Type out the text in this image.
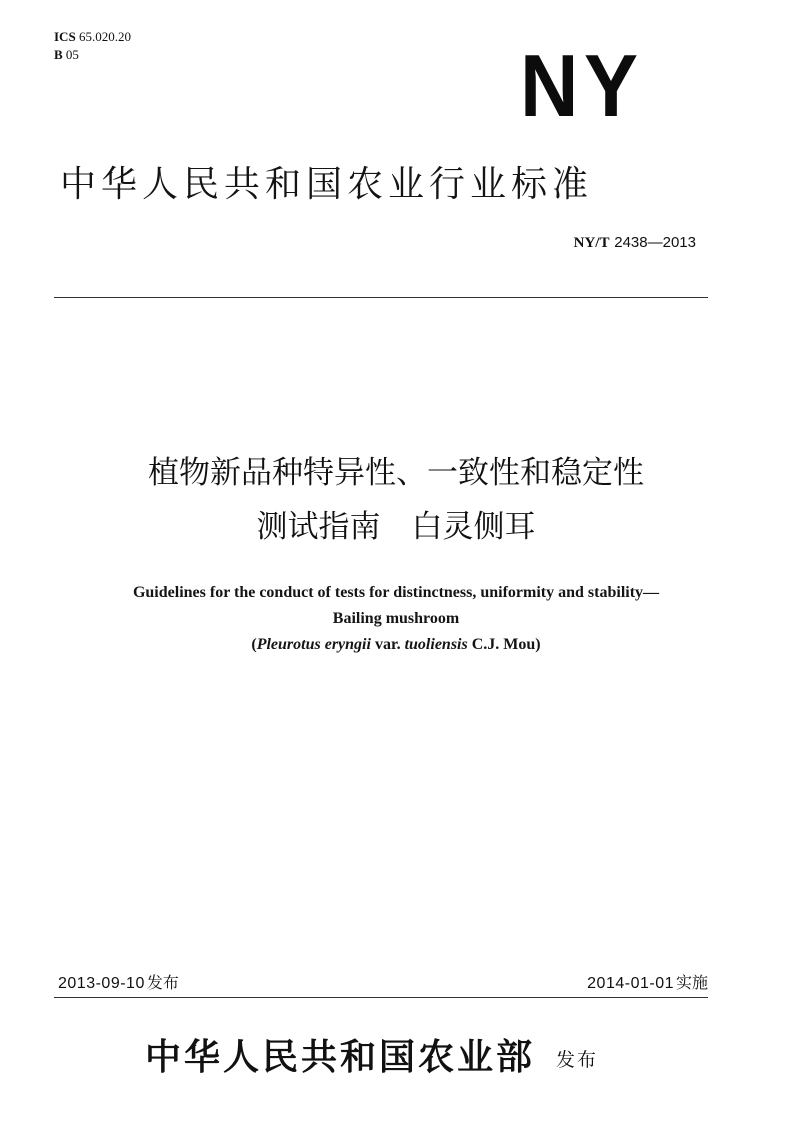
ICS 65.020.20
B 05	NY
中华人民共和国农业行业标准
NY/T 2438—2013
植物新品种特异性、一致性和稳定性
测试指南　白灵侧耳
Guidelines for the conduct of tests for distinctness, uniformity and stability—
Bailing mushroom
(Pleurotus eryngii var. tuoliensis C.J. Mou)
2013-09-10 发布	2014-01-01 实施
中华人民共和国农业部 发布
